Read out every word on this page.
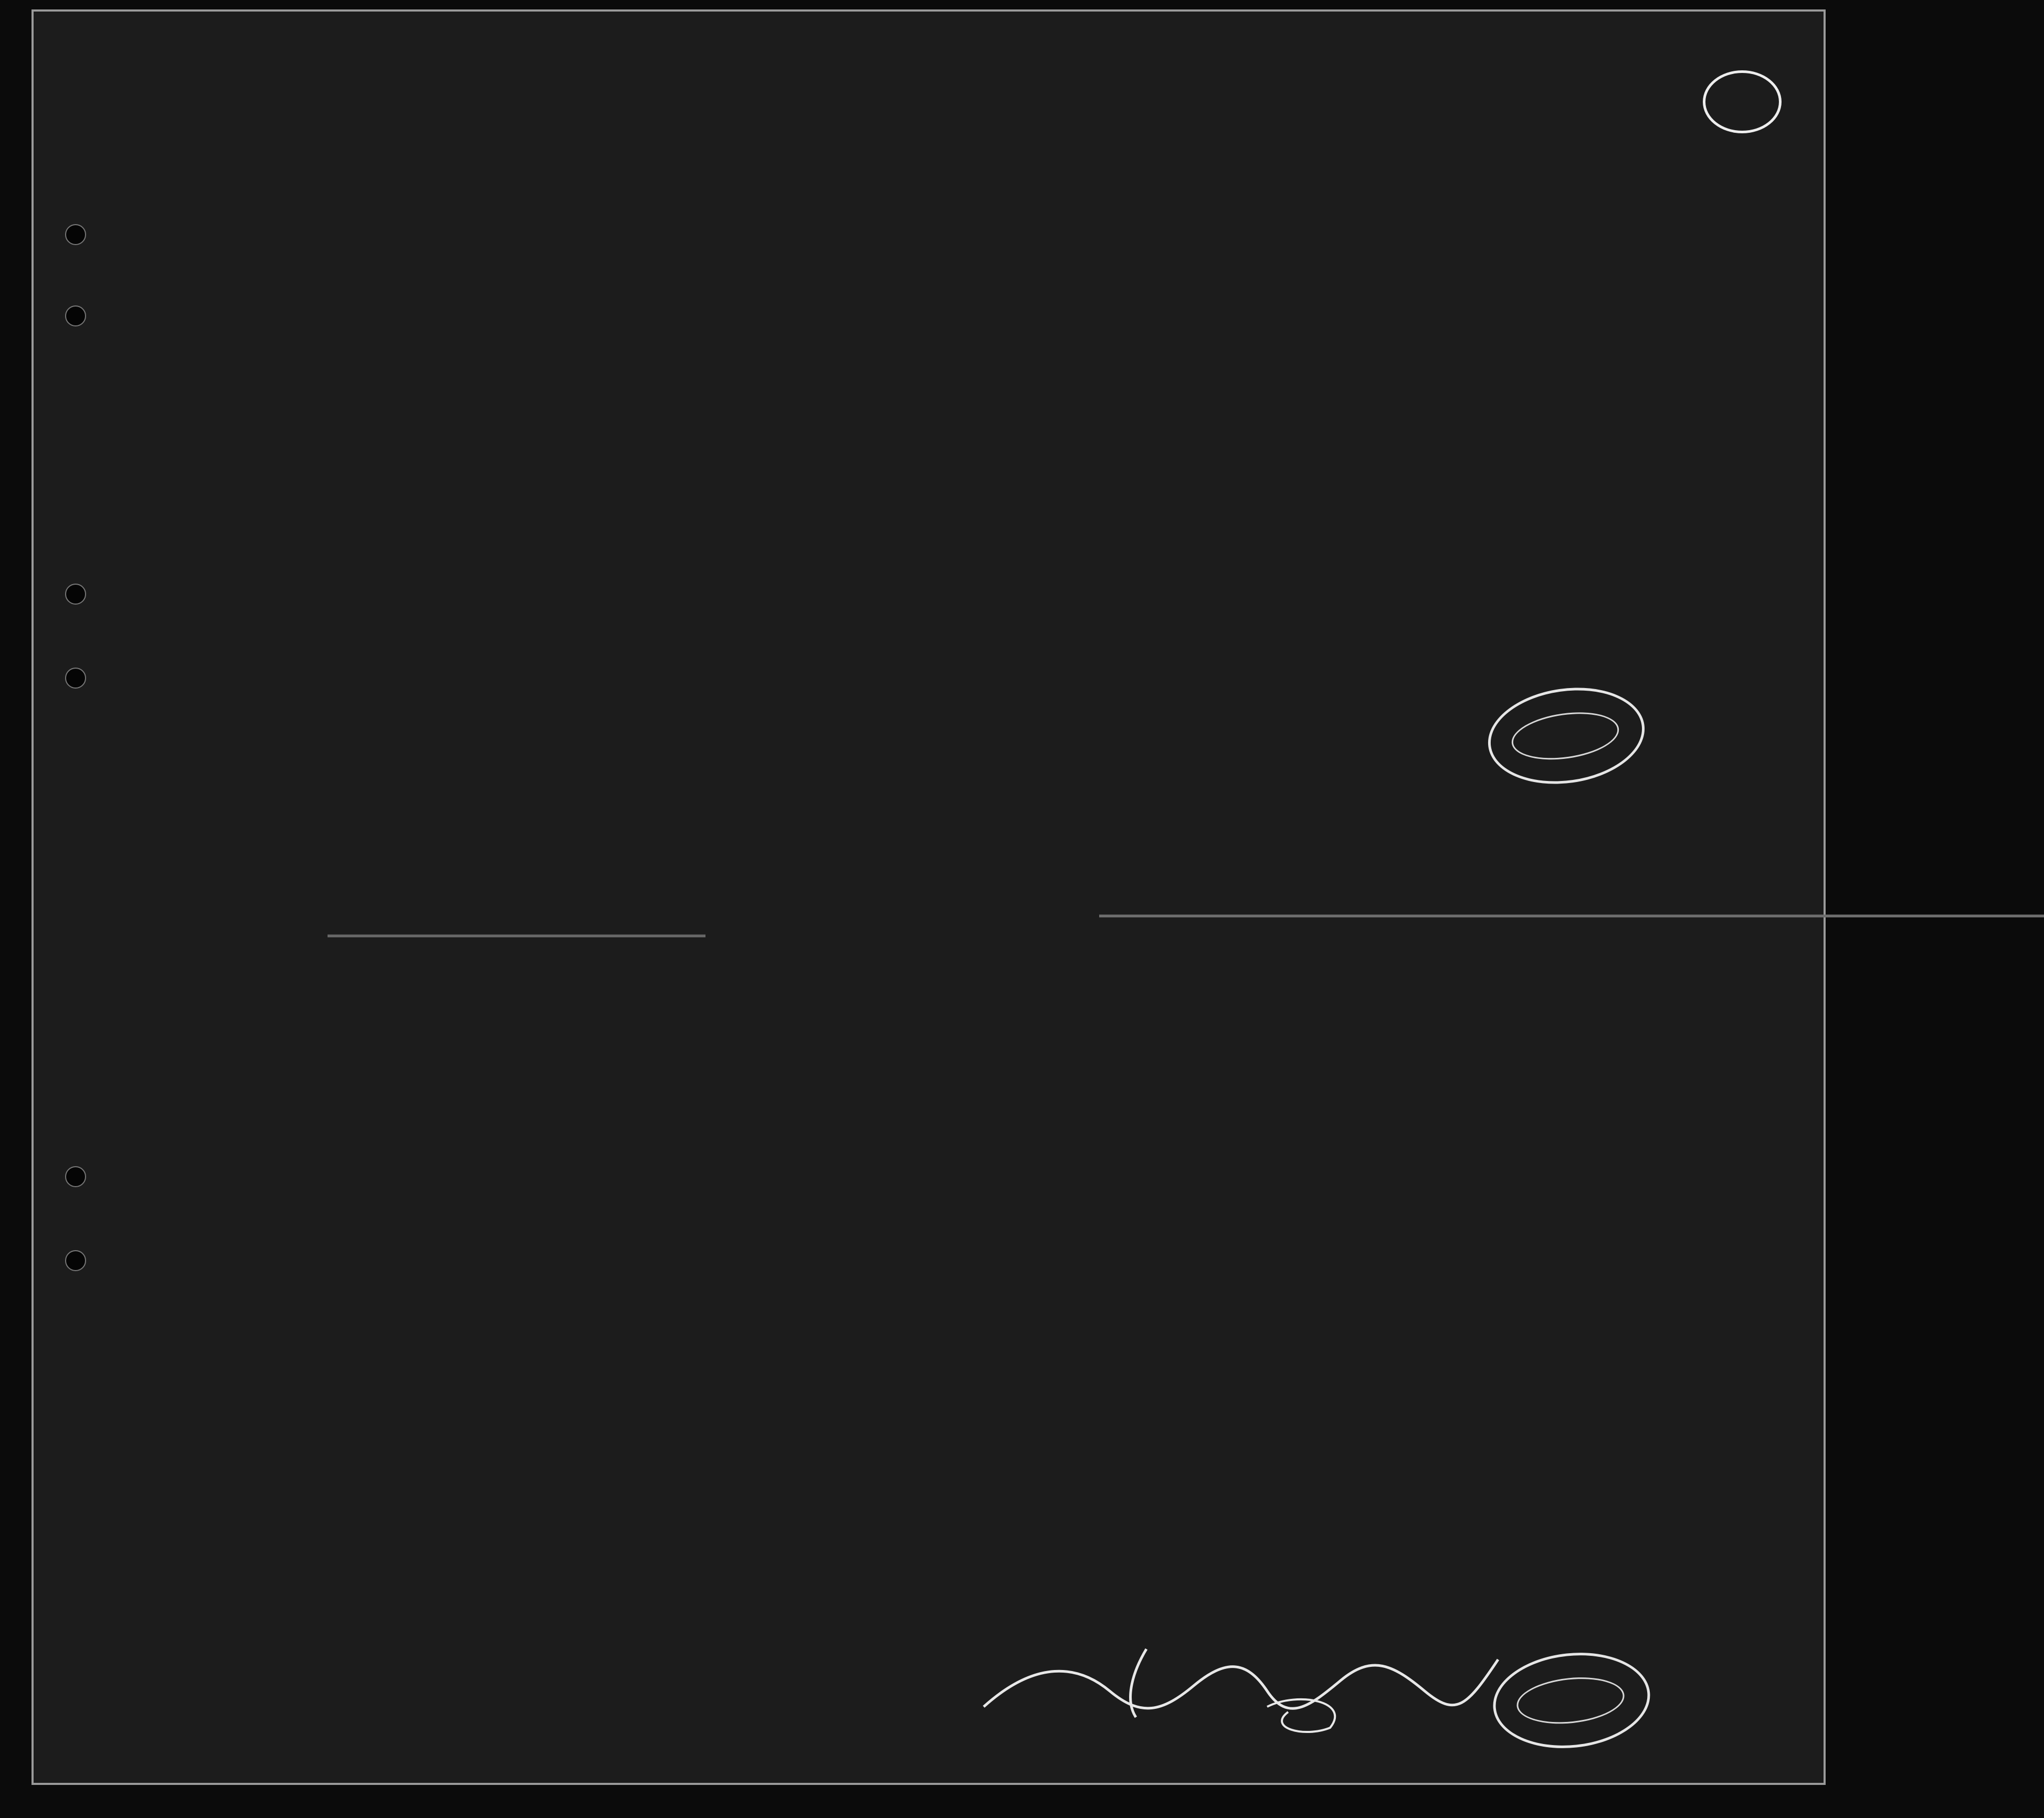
▬▬▬▬▬▬▬▬▬▬▬▬▬▬▬▬▬▬▬▬▬▬▬▬▬▬▬▬▬▬▬▬▬▬▬▬▬▬▬▬▬▬▬▬▬▬▬▬▬▬▬▬▬▬▬▬▬▬▬▬▬▬▬▬▬▬▬▬▬▬▬▬▬▬▬▬▬▬▬▬▬▬▬▬▬▬▬▬▬▬▬▬▬▬▬▬▬▬▬▬
▬▬▬▬▬▬▬▬▬▬▬▬▬▬▬▬▬▬▬▬▬▬▬▬▬▬▬▬▬▬▬▬▬▬▬▬▬▬▬▬
